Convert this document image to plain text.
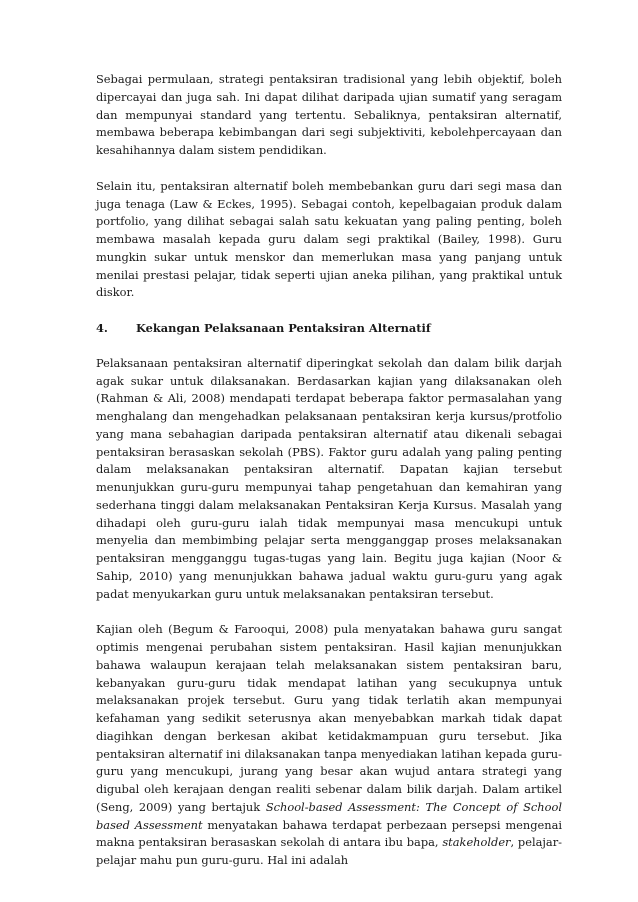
Sebagai permulaan, strategi pentaksiran tradisional yang lebih objektif, boleh dipercayai dan juga sah. Ini dapat dilihat daripada ujian sumatif yang seragam dan mempunyai standard yang tertentu. Sebaliknya, pentaksiran alternatif, membawa beberapa kebimbangan dari segi subjektiviti, kebolehpercayaan dan kesahihannya dalam sistem pendidikan.

Selain itu, pentaksiran alternatif boleh membebankan guru dari segi masa dan juga tenaga (Law & Eckes, 1995). Sebagai contoh, kepelbagaian produk dalam portfolio, yang dilihat sebagai salah satu kekuatan yang paling penting, boleh membawa masalah kepada guru dalam segi praktikal (Bailey, 1998). Guru mungkin sukar untuk menskor dan memerlukan masa yang panjang untuk menilai prestasi pelajar, tidak seperti ujian aneka pilihan, yang praktikal untuk diskor.

4.	Kekangan Pelaksanaan Pentaksiran Alternatif

Pelaksanaan pentaksiran alternatif diperingkat sekolah dan dalam bilik darjah agak sukar untuk dilaksanakan. Berdasarkan kajian yang dilaksanakan oleh (Rahman & Ali, 2008) mendapati terdapat beberapa faktor permasalahan yang menghalang dan mengehadkan pelaksanaan pentaksiran kerja kursus/protfolio yang mana sebahagian daripada pentaksiran alternatif atau dikenali sebagai pentaksiran berasaskan sekolah (PBS). Faktor guru adalah yang paling penting dalam melaksanakan pentaksiran alternatif. Dapatan kajian tersebut menunjukkan guru-guru mempunyai tahap pengetahuan dan kemahiran yang sederhana tinggi dalam melaksanakan Pentaksiran Kerja Kursus. Masalah yang dihadapi oleh guru-guru ialah tidak mempunyai masa mencukupi untuk menyelia dan membimbing pelajar serta mengganggap proses melaksanakan pentaksiran mengganggu tugas-tugas yang lain. Begitu juga kajian (Noor & Sahip, 2010) yang menunjukkan bahawa jadual waktu guru-guru yang agak padat menyukarkan guru untuk melaksanakan pentaksiran tersebut.

Kajian oleh (Begum & Farooqui, 2008) pula menyatakan bahawa guru sangat optimis mengenai perubahan sistem pentaksiran. Hasil kajian menunjukkan bahawa walaupun kerajaan telah melaksanakan sistem pentaksiran baru, kebanyakan guru-guru tidak mendapat latihan yang secukupnya untuk melaksanakan projek tersebut. Guru yang tidak terlatih akan mempunyai kefahaman yang sedikit seterusnya akan menyebabkan markah tidak dapat diagihkan dengan berkesan akibat ketidakmampuan guru tersebut. Jika pentaksiran alternatif ini dilaksanakan tanpa menyediakan latihan kepada guru-guru yang mencukupi, jurang yang besar akan wujud antara strategi yang digubal oleh kerajaan dengan realiti sebenar dalam bilik darjah. Dalam artikel (Seng, 2009) yang bertajuk School-based Assessment: The Concept of School based Assessment menyatakan bahawa terdapat perbezaan persepsi mengenai makna pentaksiran berasaskan sekolah di antara ibu bapa, stakeholder, pelajar-pelajar mahu pun guru-guru. Hal ini adalah
